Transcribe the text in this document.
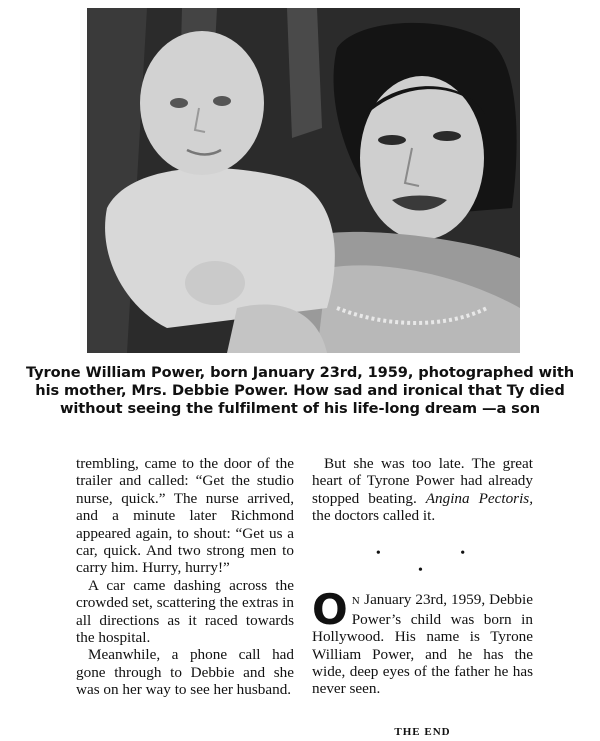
Tyrone William Power, born January 23rd, 1959, photographed with his mother, Mrs. Debbie Power. How sad and ironical that Ty died without seeing the fulfilment of his life-long dream —a son

trembling, came to the door of the trailer and called: “Get the studio nurse, quick.” The nurse arrived, and a minute later Richmond appeared again, to shout: “Get us a car, quick. And two strong men to carry him. Hurry, hurry!”

A car came dashing across the crowded set, scattering the extras in all directions as it raced towards the hospital.

Meanwhile, a phone call had gone through to Debbie and she was on her way to see her husband.

But she was too late. The great heart of Tyrone Power had already stopped beating. Angina Pectoris, the doctors called it.

• • •

O N January 23rd, 1959, Debbie Power’s child was born in Hollywood. His name is Tyrone William Power, and he has the wide, deep eyes of the father he has never seen.

THE END
